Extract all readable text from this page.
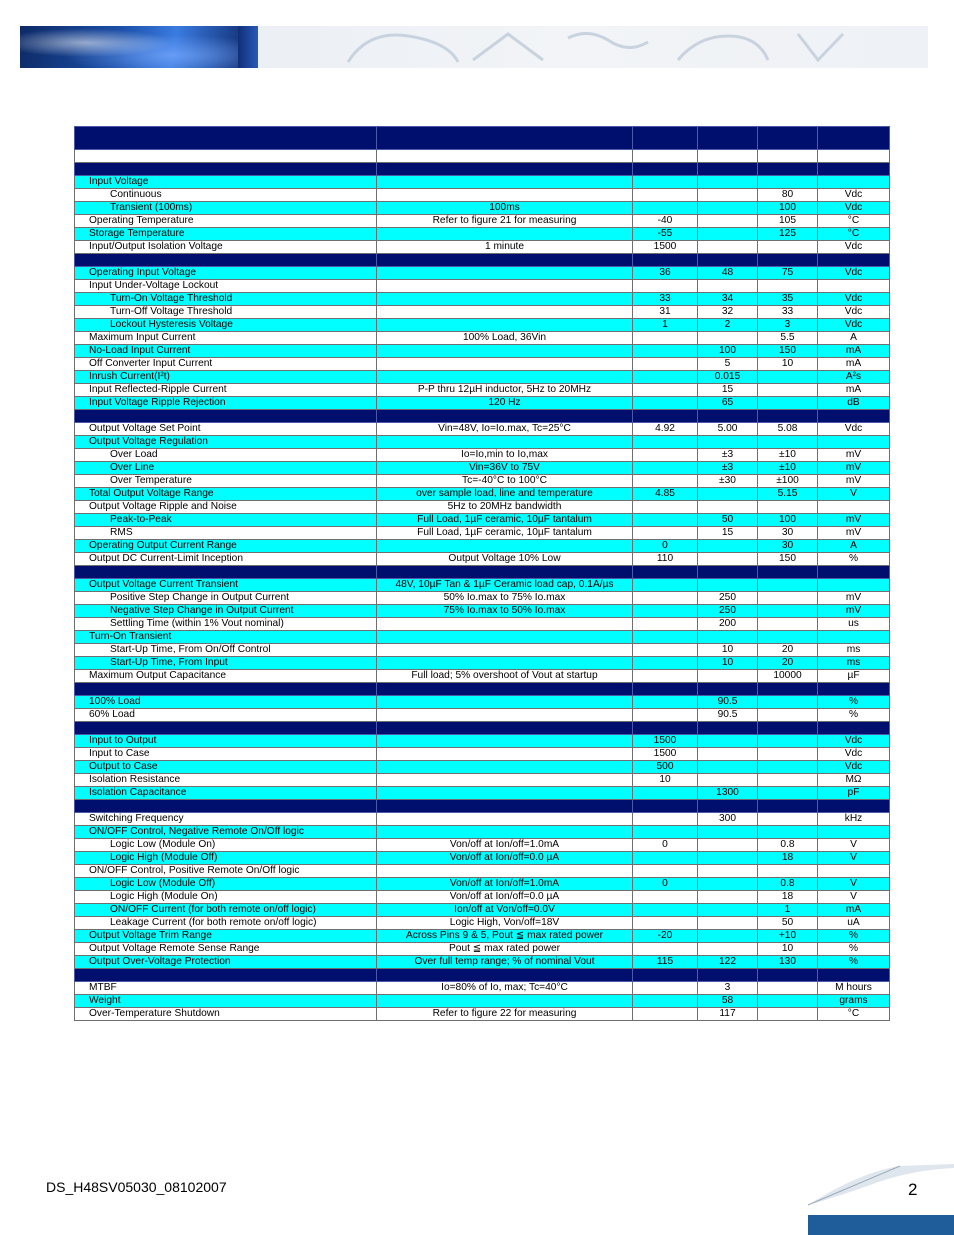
Input Voltage					
Continuous				80	Vdc
Transient (100ms)	100ms			100	Vdc
Operating Temperature	Refer to figure 21 for measuring	-40		105	°C
Storage Temperature		-55		125	°C
Input/Output Isolation Voltage	1 minute	1500			Vdc

Operating Input Voltage		36	48	75	Vdc
Input Under-Voltage Lockout					
Turn-On Voltage Threshold		33	34	35	Vdc
Turn-Off Voltage Threshold		31	32	33	Vdc
Lockout Hysteresis Voltage		1	2	3	Vdc
Maximum Input Current	100% Load, 36Vin			5.5	A
No-Load Input Current			100	150	mA
Off Converter Input Current			5	10	mA
Inrush Current(I²t)			0.015		A²s
Input Reflected-Ripple Current	P-P thru 12µH inductor, 5Hz to 20MHz		15		mA
Input Voltage Ripple Rejection	120 Hz		65		dB

Output Voltage Set Point	Vin=48V, Io=Io.max, Tc=25°C	4.92	5.00	5.08	Vdc
Output Voltage Regulation					
Over Load	Io=Io,min to Io,max		±3	±10	mV
Over Line	Vin=36V to 75V		±3	±10	mV
Over Temperature	Tc=-40°C to 100°C		±30	±100	mV
Total Output Voltage Range	over sample load, line and temperature	4.85		5.15	V
Output Voltage Ripple and Noise	5Hz to 20MHz bandwidth				
Peak-to-Peak	Full Load, 1µF ceramic, 10µF tantalum		50	100	mV
RMS	Full Load, 1µF ceramic, 10µF tantalum		15	30	mV
Operating Output Current Range		0		30	A
Output DC Current-Limit Inception	Output Voltage 10% Low	110		150	%

Output Voltage Current Transient	48V, 10µF Tan & 1µF Ceramic load cap, 0.1A/µs				
Positive Step Change in Output Current	50% Io.max to 75% Io.max		250		mV
Negative Step Change in Output Current	75% Io.max to 50% Io.max		250		mV
Settling Time (within 1% Vout nominal)			200		us
Turn-On Transient					
Start-Up Time, From On/Off Control			10	20	ms
Start-Up Time, From Input			10	20	ms
Maximum Output Capacitance	Full load; 5% overshoot of Vout at startup			10000	µF

100% Load			90.5		%
60% Load			90.5		%

Input to Output		1500			Vdc
Input to Case		1500			Vdc
Output to Case		500			Vdc
Isolation Resistance		10			MΩ
Isolation Capacitance			1300		pF

Switching Frequency			300		kHz
ON/OFF Control, Negative Remote On/Off logic					
Logic Low (Module On)	Von/off at Ion/off=1.0mA	0		0.8	V
Logic High (Module Off)	Von/off at Ion/off=0.0 µA			18	V
ON/OFF Control, Positive Remote On/Off logic					
Logic Low (Module Off)	Von/off at Ion/off=1.0mA	0		0.8	V
Logic High (Module On)	Von/off at Ion/off=0.0 µA			18	V
ON/OFF Current (for both remote on/off logic)	Ion/off at Von/off=0.0V			1	mA
Leakage Current (for both remote on/off logic)	Logic High, Von/off=18V			50	uA
Output Voltage Trim Range	Across Pins 9 & 5, Pout ≦ max rated power	-20		+10	%
Output Voltage Remote Sense Range	Pout ≦ max rated power			10	%
Output Over-Voltage Protection	Over full temp range; % of nominal Vout	115	122	130	%

MTBF	Io=80% of Io, max; Tc=40°C		3		M hours
Weight			58		grams
Over-Temperature Shutdown	Refer to figure 22 for measuring		117		°C
DS_H48SV05030_08102007	2
